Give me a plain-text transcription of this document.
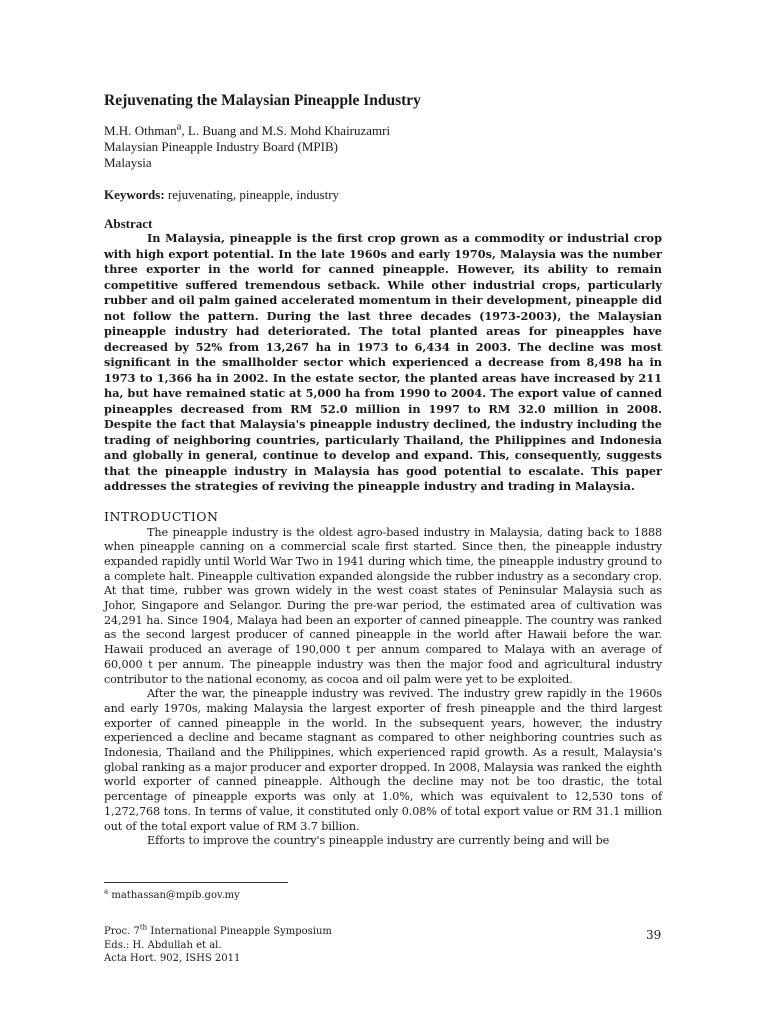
Rejuvenating the Malaysian Pineapple Industry

M.H. Othman$^a$, L. Buang and M.S. Mohd Khairuzamri

Malaysian Pineapple Industry Board (MPIB)

Malaysia

Keywords: rejuvenating, pineapple, industry

Abstract

In Malaysia, pineapple is the first crop grown as a commodity or industrial crop with high export potential. In the late 1960s and early 1970s, Malaysia was the number three exporter in the world for canned pineapple. However, its ability to remain competitive suffered tremendous setback. While other industrial crops, particularly rubber and oil palm gained accelerated momentum in their development, pineapple did not follow the pattern. During the last three decades (1973-2003), the Malaysian pineapple industry had deteriorated. The total planted areas for pineapples have decreased by 52% from 13,267 ha in 1973 to 6,434 in 2003. The decline was most significant in the smallholder sector which experienced a decrease from 8,498 ha in 1973 to 1,366 ha in 2002. In the estate sector, the planted areas have increased by 211 ha, but have remained static at 5,000 ha from 1990 to 2004. The export value of canned pineapples decreased from RM 52.0 million in 1997 to RM 32.0 million in 2008. Despite the fact that Malaysia's pineapple industry declined, the industry including the trading of neighboring countries, particularly Thailand, the Philippines and Indonesia and globally in general, continue to develop and expand. This, consequently, suggests that the pineapple industry in Malaysia has good potential to escalate. This paper addresses the strategies of reviving the pineapple industry and trading in Malaysia.

INTRODUCTION

The pineapple industry is the oldest agro-based industry in Malaysia, dating back to 1888 when pineapple canning on a commercial scale first started. Since then, the pineapple industry expanded rapidly until World War Two in 1941 during which time, the pineapple industry ground to a complete halt. Pineapple cultivation expanded alongside the rubber industry as a secondary crop. At that time, rubber was grown widely in the west coast states of Peninsular Malaysia such as Johor, Singapore and Selangor. During the pre-war period, the estimated area of cultivation was 24,291 ha. Since 1904, Malaya had been an exporter of canned pineapple. The country was ranked as the second largest producer of canned pineapple in the world after Hawaii before the war. Hawaii produced an average of 190,000 t per annum compared to Malaya with an average of 60,000 t per annum. The pineapple industry was then the major food and agricultural industry contributor to the national economy, as cocoa and oil palm were yet to be exploited.

After the war, the pineapple industry was revived. The industry grew rapidly in the 1960s and early 1970s, making Malaysia the largest exporter of fresh pineapple and the third largest exporter of canned pineapple in the world. In the subsequent years, however, the industry experienced a decline and became stagnant as compared to other neighboring countries such as Indonesia, Thailand and the Philippines, which experienced rapid growth. As a result, Malaysia's global ranking as a major producer and exporter dropped. In 2008, Malaysia was ranked the eighth world exporter of canned pineapple. Although the decline may not be too drastic, the total percentage of pineapple exports was only at 1.0%, which was equivalent to 12,530 tons of 1,272,768 tons. In terms of value, it constituted only 0.08% of total export value or RM 31.1 million out of the total export value of RM 3.7 billion.

Efforts to improve the country's pineapple industry are currently being and will be

$^a$ mathassan@mpib.gov.my
Proc. 7th International Pineapple Symposium
Eds.: H. Abdullah et al.
Acta Hort. 902, ISHS 2011
39
